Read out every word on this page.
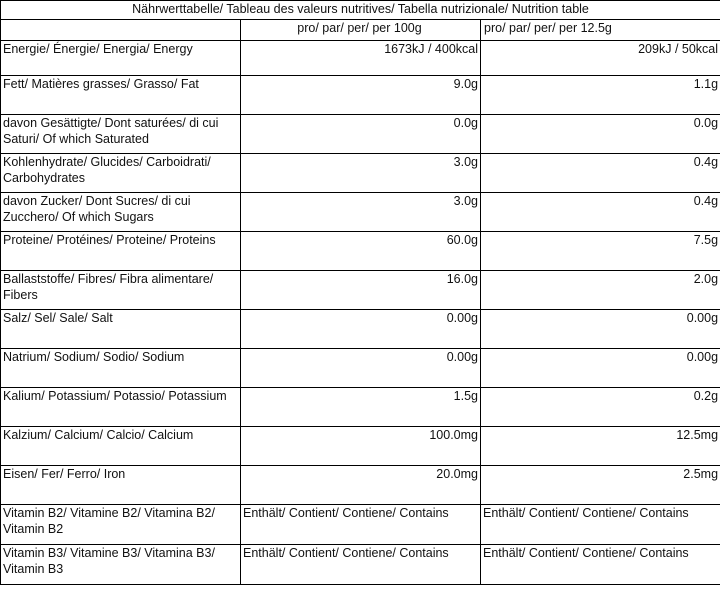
Nährwerttabelle/ Tableau des valeurs nutritives/ Tabella nutrizionale/ Nutrition table		
	pro/ par/ per/ per 100g	pro/ par/ per/ per 12.5g
Energie/ Énergie/ Energia/ Energy	1673kJ / 400kcal	209kJ / 50kcal
Fett/ Matières grasses/ Grasso/ Fat	9.0g	1.1g
davon Gesättigte/ Dont saturées/ di cui Saturi/ Of which Saturated	0.0g	0.0g
Kohlenhydrate/ Glucides/ Carboidrati/ Carbohydrates	3.0g	0.4g
davon Zucker/ Dont Sucres/ di cui Zucchero/ Of which Sugars	3.0g	0.4g
Proteine/ Protéines/ Proteine/ Proteins	60.0g	7.5g
Ballaststoffe/ Fibres/ Fibra alimentare/ Fibers	16.0g	2.0g
Salz/ Sel/ Sale/ Salt	0.00g	0.00g
Natrium/ Sodium/ Sodio/ Sodium	0.00g	0.00g
Kalium/ Potassium/ Potassio/ Potassium	1.5g	0.2g
Kalzium/ Calcium/ Calcio/ Calcium	100.0mg	12.5mg
Eisen/ Fer/ Ferro/ Iron	20.0mg	2.5mg
Vitamin B2/ Vitamine B2/ Vitamina B2/ Vitamin B2	Enthält/ Contient/ Contiene/ Contains	Enthält/ Contient/ Contiene/ Contains
Vitamin B3/ Vitamine B3/ Vitamina B3/ Vitamin B3	Enthält/ Contient/ Contiene/ Contains	Enthält/ Contient/ Contiene/ Contains
